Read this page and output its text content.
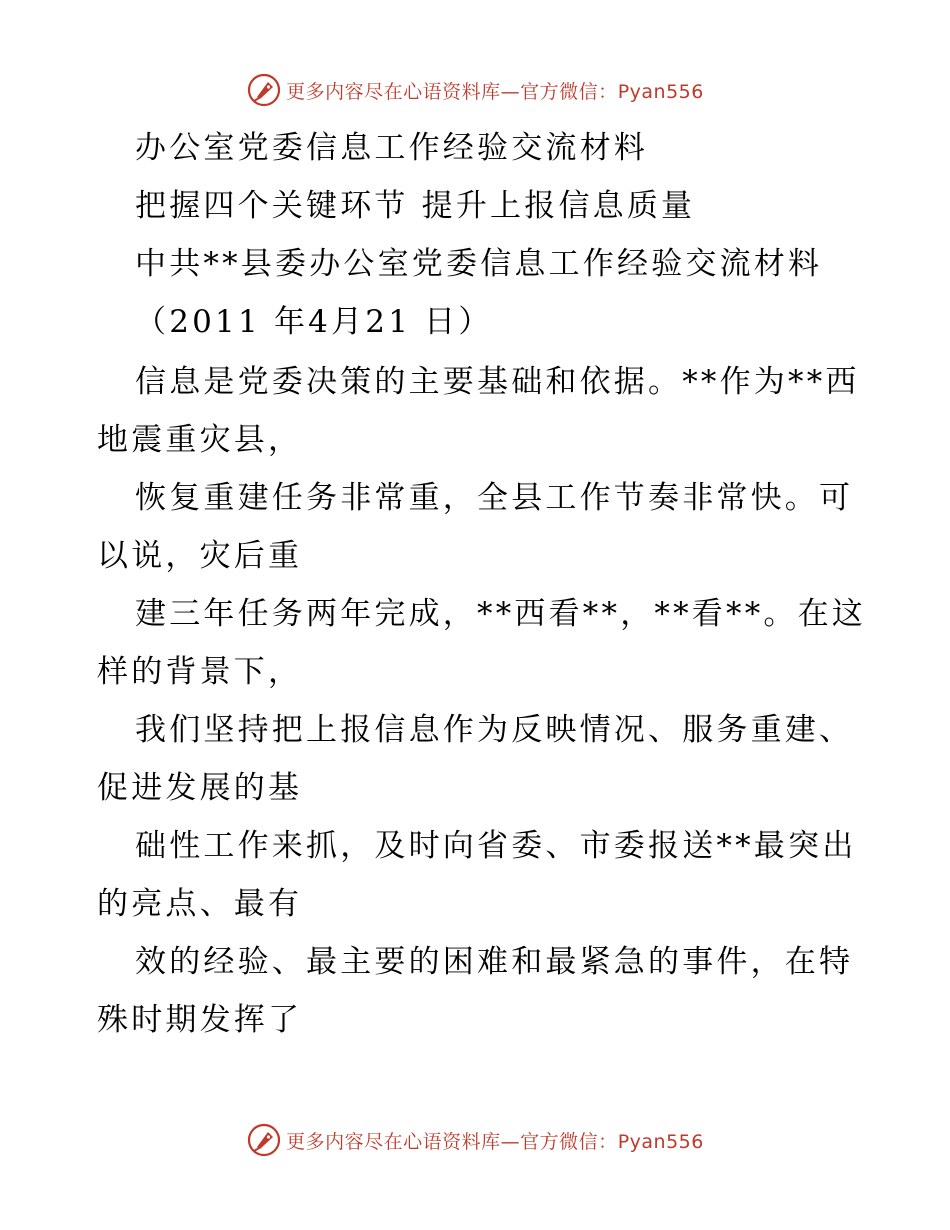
更多内容尽在心语资料库—官方微信：Pyan556
办公室党委信息工作经验交流材料
把握四个关键环节 提升上报信息质量
中共**县委办公室党委信息工作经验交流材料
（2011 年4月21 日）
信息是党委决策的主要基础和依据。**作为**西
地震重灾县，
恢复重建任务非常重，全县工作节奏非常快。可
以说，灾后重
建三年任务两年完成，**西看**，**看**。在这
样的背景下，
我们坚持把上报信息作为反映情况、服务重建、
促进发展的基
础性工作来抓，及时向省委、市委报送**最突出
的亮点、最有
效的经验、最主要的困难和最紧急的事件，在特
殊时期发挥了
更多内容尽在心语资料库—官方微信：Pyan556
